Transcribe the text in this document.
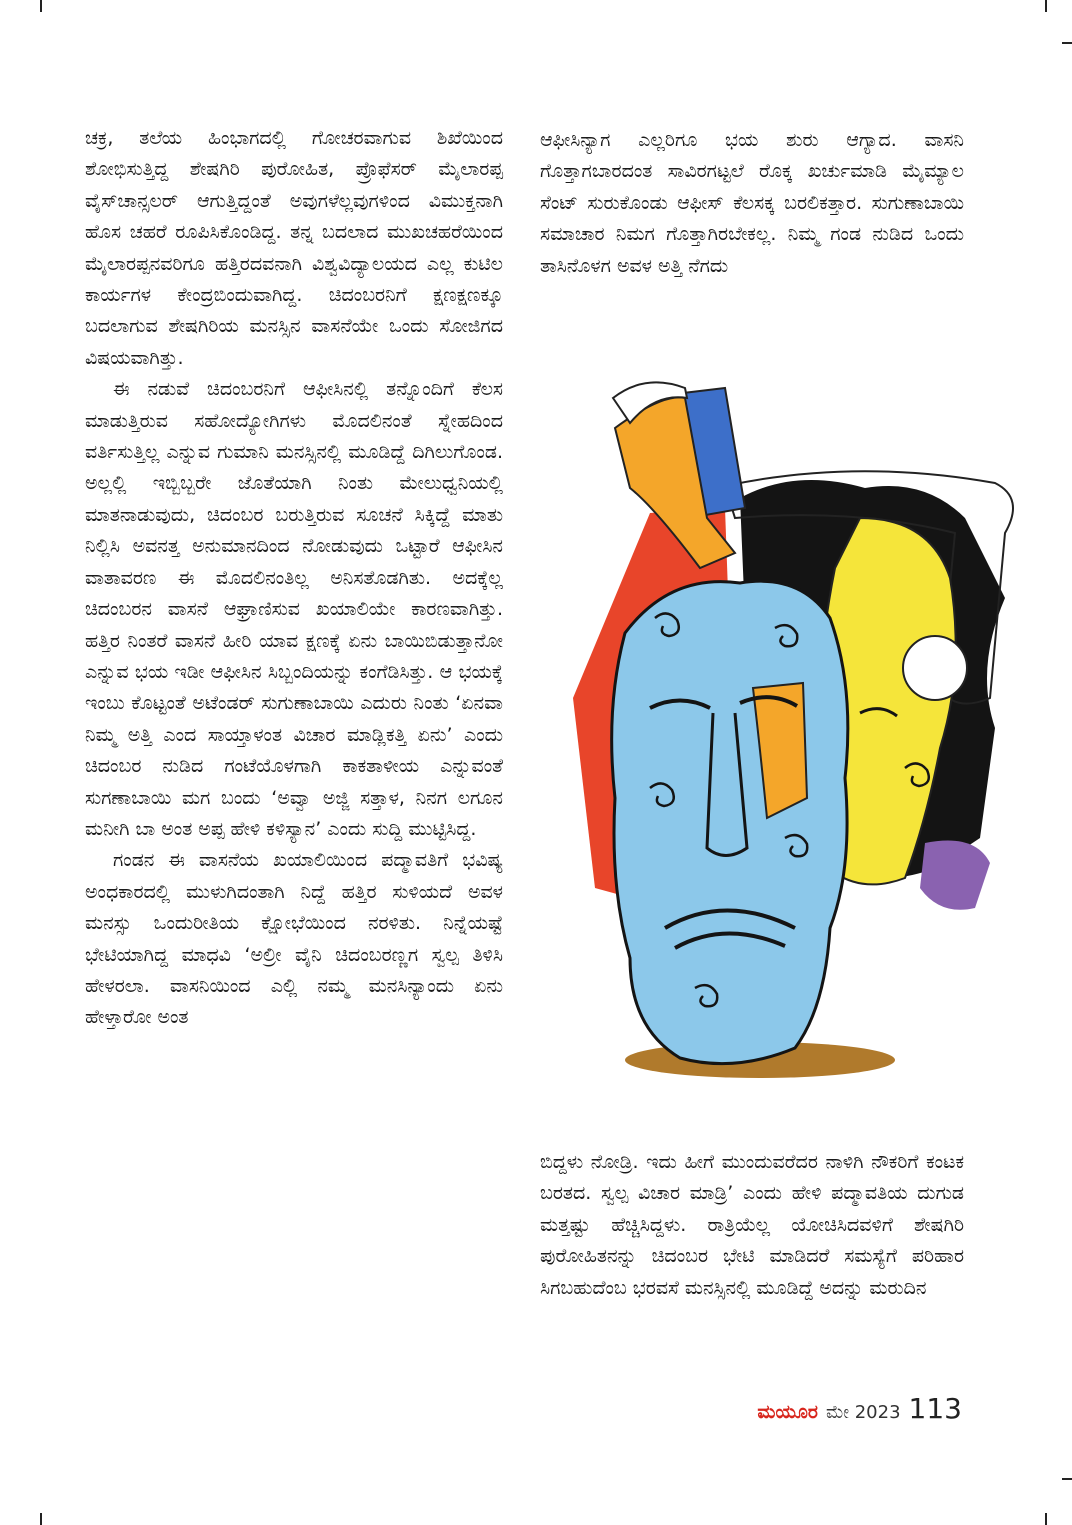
ಚಕ್ರ, ತಲೆಯ ಹಿಂಭಾಗದಲ್ಲಿ ಗೋಚರವಾಗುವ ಶಿಖೆಯಿಂದ ಶೋಭಿಸುತ್ತಿದ್ದ ಶೇಷಗಿರಿ ಪುರೋಹಿತ, ಪ್ರೊಫೆಸರ್ ಮೈಲಾರಪ್ಪ ವೈಸ್‌ಚಾನ್ಸಲರ್ ಆಗುತ್ತಿದ್ದಂತೆ ಅವುಗಳೆಲ್ಲವುಗಳಿಂದ ವಿಮುಕ್ತನಾಗಿ ಹೊಸ ಚಹರೆ ರೂಪಿಸಿಕೊಂಡಿದ್ದ. ತನ್ನ ಬದಲಾದ ಮುಖಚಹರೆಯಿಂದ ಮೈಲಾರಪ್ಪನವರಿಗೂ ಹತ್ತಿರದವನಾಗಿ ವಿಶ್ವವಿದ್ಯಾಲಯದ ಎಲ್ಲ ಕುಟಿಲ ಕಾರ್ಯಗಳ ಕೇಂದ್ರಬಿಂದುವಾಗಿದ್ದ. ಚಿದಂಬರನಿಗೆ ಕ್ಷಣಕ್ಷಣಕ್ಕೂ ಬದಲಾಗುವ ಶೇಷಗಿರಿಯ ಮನಸ್ಸಿನ ವಾಸನೆಯೇ ಒಂದು ಸೋಜಿಗದ ವಿಷಯವಾಗಿತ್ತು.

ಈ ನಡುವೆ ಚಿದಂಬರನಿಗೆ ಆಫೀಸಿನಲ್ಲಿ ತನ್ನೊಂದಿಗೆ ಕೆಲಸ ಮಾಡುತ್ತಿರುವ ಸಹೋದ್ಯೋಗಿಗಳು ಮೊದಲಿನಂತೆ ಸ್ನೇಹದಿಂದ ವರ್ತಿಸುತ್ತಿಲ್ಲ ಎನ್ನುವ ಗುಮಾನಿ ಮನಸ್ಸಿನಲ್ಲಿ ಮೂಡಿದ್ದೆ ದಿಗಿಲುಗೊಂಡ. ಅಲ್ಲಲ್ಲಿ ಇಬ್ಬಿಬ್ಬರೇ ಜೊತೆಯಾಗಿ ನಿಂತು ಮೇಲುಧ್ವನಿಯಲ್ಲಿ ಮಾತನಾಡುವುದು, ಚಿದಂಬರ ಬರುತ್ತಿರುವ ಸೂಚನೆ ಸಿಕ್ಕಿದ್ದೆ ಮಾತು ನಿಲ್ಲಿಸಿ ಅವನತ್ತ ಅನುಮಾನದಿಂದ ನೋಡುವುದು ಒಟ್ಟಾರೆ ಆಫೀಸಿನ ವಾತಾವರಣ ಈ ಮೊದಲಿನಂತಿಲ್ಲ ಅನಿಸತೊಡಗಿತು. ಅದಕ್ಕೆಲ್ಲ ಚಿದಂಬರನ ವಾಸನೆ ಆಘ್ರಾಣಿಸುವ ಖಯಾಲಿಯೇ ಕಾರಣವಾಗಿತ್ತು. ಹತ್ತಿರ ನಿಂತರೆ ವಾಸನೆ ಹೀರಿ ಯಾವ ಕ್ಷಣಕ್ಕೆ ಏನು ಬಾಯಿಬಿಡುತ್ತಾನೋ ಎನ್ನುವ ಭಯ ಇಡೀ ಆಫೀಸಿನ ಸಿಬ್ಬಂದಿಯನ್ನು ಕಂಗೆಡಿಸಿತ್ತು. ಆ ಭಯಕ್ಕೆ ಇಂಬು ಕೊಟ್ಟಂತೆ ಅಟೆಂಡರ್ ಸುಗುಣಾಬಾಯಿ ಎದುರು ನಿಂತು ‘ಏನವಾ ನಿಮ್ಮ ಅತ್ತಿ ಎಂದ ಸಾಯ್ತಾಳಂತ ವಿಚಾರ ಮಾಡ್ಲಿಕತ್ತಿ ಏನು’ ಎಂದು ಚಿದಂಬರ ನುಡಿದ ಗಂಟೆಯೊಳಗಾಗಿ ಕಾಕತಾಳೀಯ ಎನ್ನುವಂತೆ ಸುಗಣಾಬಾಯಿ ಮಗ ಬಂದು ‘ಅವ್ವಾ ಅಜ್ಜಿ ಸತ್ತಾಳ, ನಿನಗ ಲಗೂನ ಮನೀಗಿ ಬಾ ಅಂತ ಅಪ್ಪ ಹೇಳಿ ಕಳಿಸ್ಯಾನ’ ಎಂದು ಸುದ್ದಿ ಮುಟ್ಟಿಸಿದ್ದ.

ಗಂಡನ ಈ ವಾಸನೆಯ ಖಯಾಲಿಯಿಂದ ಪದ್ಮಾವತಿಗೆ ಭವಿಷ್ಯ ಅಂಧಕಾರದಲ್ಲಿ ಮುಳುಗಿದಂತಾಗಿ ನಿದ್ದೆ ಹತ್ತಿರ ಸುಳಿಯದೆ ಅವಳ ಮನಸ್ಸು ಒಂದುರೀತಿಯ ಕ್ಷೋಭೆಯಿಂದ ನರಳಿತು. ನಿನ್ನೆಯಷ್ಟೆ ಭೇಟಿಯಾಗಿದ್ದ ಮಾಧವಿ ‘ಅಲ್ರೀ ವೈನಿ ಚಿದಂಬರಣ್ಣಗ ಸ್ವಲ್ಪ ತಿಳಿಸಿ ಹೇಳರಲಾ. ವಾಸನಿಯಿಂದ ಎಲ್ಲಿ ನಮ್ಮ ಮನಸಿನ್ಯಾಂದು ಏನು ಹೇಳ್ತಾರೋ ಅಂತ

ಆಫೀಸಿನ್ಯಾಗ ಎಲ್ಲರಿಗೂ ಭಯ ಶುರು ಆಗ್ಯಾದ. ವಾಸನಿ ಗೊತ್ತಾಗಬಾರದಂತ ಸಾವಿರಗಟ್ಟಲೆ ರೊಕ್ಕ ಖರ್ಚುಮಾಡಿ ಮೈಮ್ಯಾಲ ಸೆಂಟ್ ಸುರುಕೊಂಡು ಆಫೀಸ್ ಕೆಲಸಕ್ಕ ಬರಲಿಕತ್ತಾರ. ಸುಗುಣಾಬಾಯಿ ಸಮಾಚಾರ ನಿಮಗ ಗೊತ್ತಾಗಿರಬೇಕಲ್ಲ. ನಿಮ್ಮ ಗಂಡ ನುಡಿದ ಒಂದು ತಾಸಿನೊಳಗ ಅವಳ ಅತ್ತಿ ನೆಗದು

ಬಿದ್ದಳು ನೋಡ್ರಿ. ಇದು ಹೀಗೆ ಮುಂದುವರೆದರ ನಾಳಿಗಿ ನೌಕರಿಗೆ ಕಂಟಕ ಬರತದ. ಸ್ವಲ್ಪ ವಿಚಾರ ಮಾಡ್ರಿ’ ಎಂದು ಹೇಳಿ ಪದ್ಮಾವತಿಯ ದುಗುಡ ಮತ್ತಷ್ಟು ಹೆಚ್ಚಿಸಿದ್ದಳು. ರಾತ್ರಿಯೆಲ್ಲ ಯೋಚಿಸಿದವಳಿಗೆ ಶೇಷಗಿರಿ ಪುರೋಹಿತನನ್ನು ಚಿದಂಬರ ಭೇಟಿ ಮಾಡಿದರೆ ಸಮಸ್ಯೆಗೆ ಪರಿಹಾರ ಸಿಗಬಹುದೆಂಬ ಭರವಸೆ ಮನಸ್ಸಿನಲ್ಲಿ ಮೂಡಿದ್ದೆ ಅದನ್ನು ಮರುದಿನ

ಮಯೂರ ಮೇ 2023 113
